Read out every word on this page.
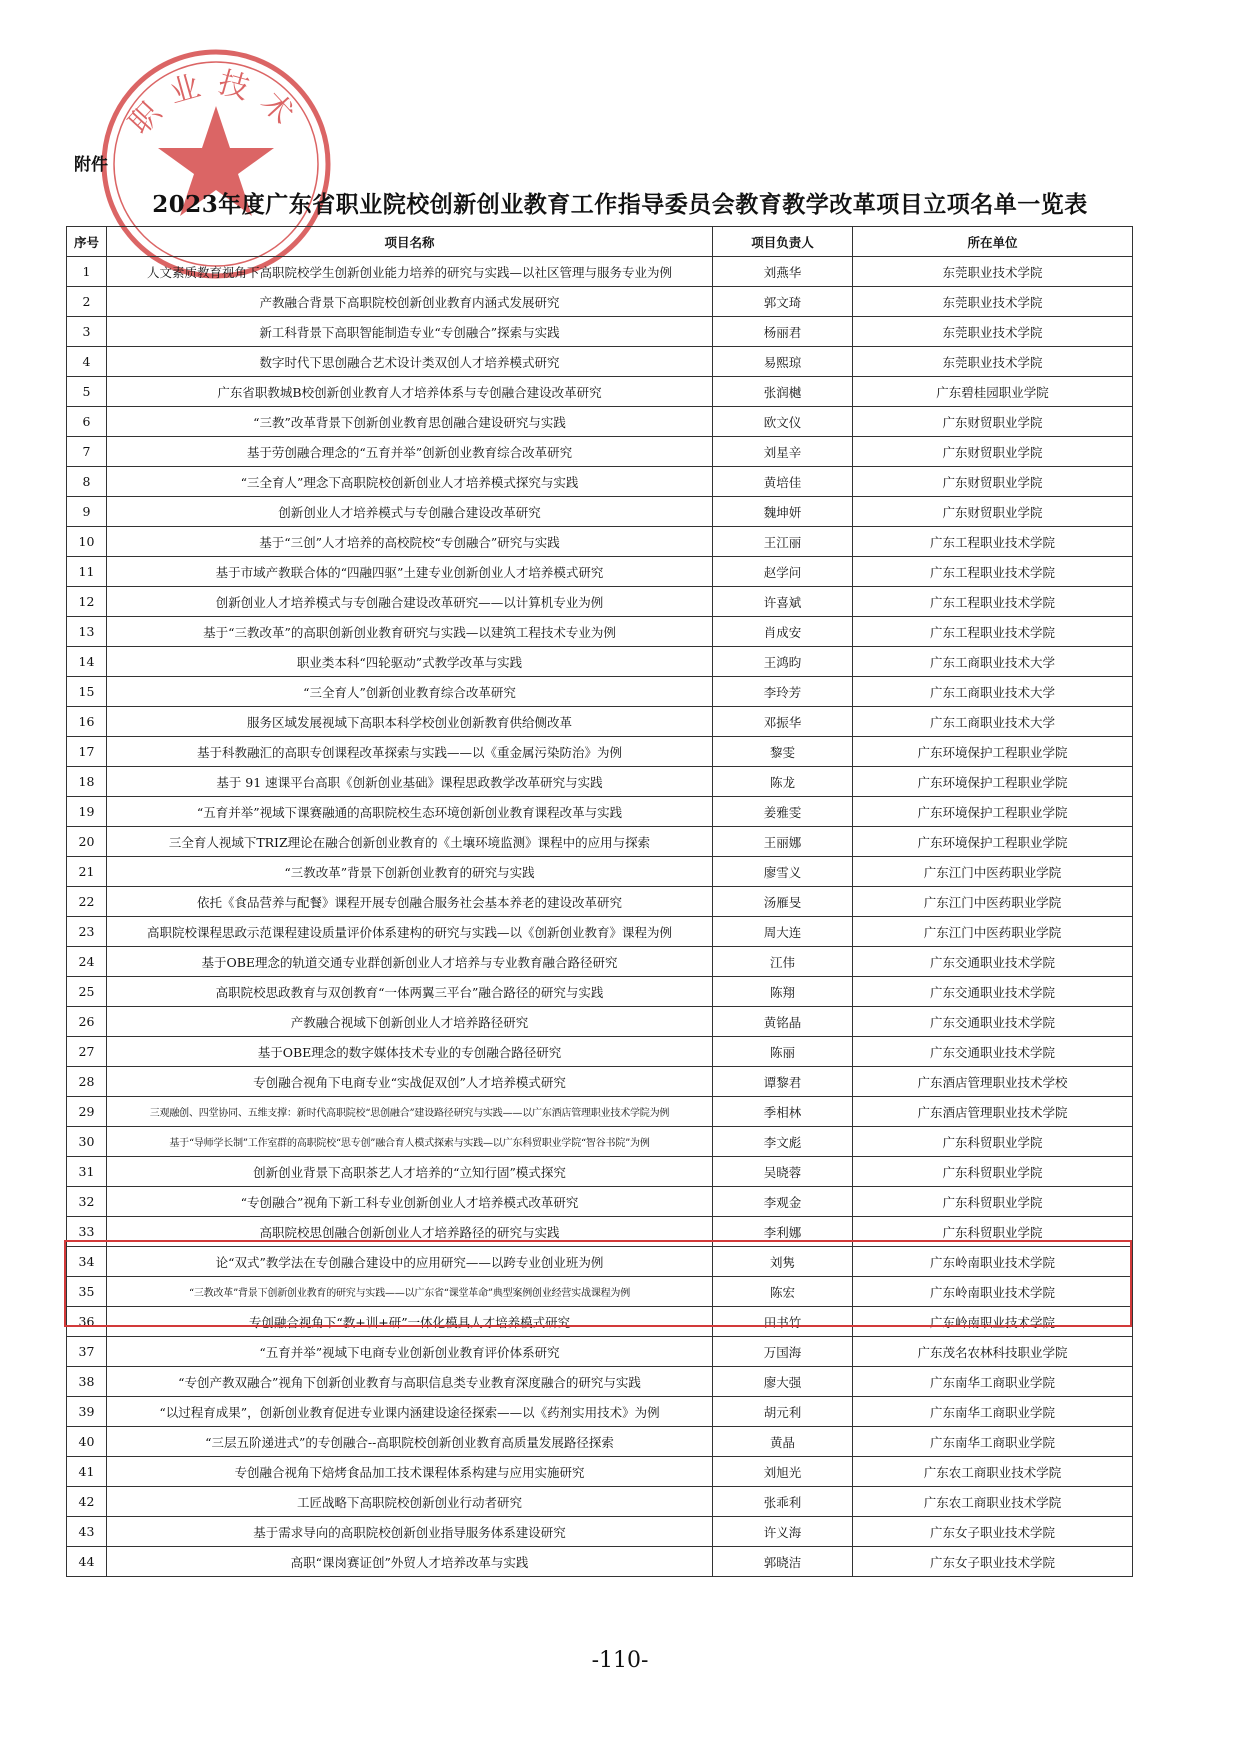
职业技术
附件
2023年度广东省职业院校创新创业教育工作指导委员会教育教学改革项目立项名单一览表
序号	项目名称	项目负责人	所在单位
1	人文素质教育视角下高职院校学生创新创业能力培养的研究与实践—以社区管理与服务专业为例	刘燕华	东莞职业技术学院
2	产教融合背景下高职院校创新创业教育内涵式发展研究	郭文琦	东莞职业技术学院
3	新工科背景下高职智能制造专业“专创融合”探索与实践	杨丽君	东莞职业技术学院
4	数字时代下思创融合艺术设计类双创人才培养模式研究	易熙琼	东莞职业技术学院
5	广东省职教城B校创新创业教育人才培养体系与专创融合建设改革研究	张润樾	广东碧桂园职业学院
6	“三教”改革背景下创新创业教育思创融合建设研究与实践	欧文仪	广东财贸职业学院
7	基于劳创融合理念的“五育并举”创新创业教育综合改革研究	刘星辛	广东财贸职业学院
8	“三全育人”理念下高职院校创新创业人才培养模式探究与实践	黄培佳	广东财贸职业学院
9	创新创业人才培养模式与专创融合建设改革研究	魏坤妍	广东财贸职业学院
10	基于“三创”人才培养的高校院校“专创融合”研究与实践	王江丽	广东工程职业技术学院
11	基于市域产教联合体的“四融四驱”土建专业创新创业人才培养模式研究	赵学问	广东工程职业技术学院
12	创新创业人才培养模式与专创融合建设改革研究——以计算机专业为例	许喜斌	广东工程职业技术学院
13	基于“三教改革”的高职创新创业教育研究与实践—以建筑工程技术专业为例	肖成安	广东工程职业技术学院
14	职业类本科“四轮驱动”式教学改革与实践	王鸿昀	广东工商职业技术大学
15	“三全育人”创新创业教育综合改革研究	李玲芳	广东工商职业技术大学
16	服务区域发展视域下高职本科学校创业创新教育供给侧改革	邓振华	广东工商职业技术大学
17	基于科教融汇的高职专创课程改革探索与实践——以《重金属污染防治》为例	黎雯	广东环境保护工程职业学院
18	基于 91 速课平台高职《创新创业基础》课程思政教学改革研究与实践	陈龙	广东环境保护工程职业学院
19	“五育并举”视域下课赛融通的高职院校生态环境创新创业教育课程改革与实践	姜雅雯	广东环境保护工程职业学院
20	三全育人视域下TRIZ理论在融合创新创业教育的《土壤环境监测》课程中的应用与探索	王丽娜	广东环境保护工程职业学院
21	“三教改革”背景下创新创业教育的研究与实践	廖雪义	广东江门中医药职业学院
22	依托《食品营养与配餐》课程开展专创融合服务社会基本养老的建设改革研究	汤雁旻	广东江门中医药职业学院
23	高职院校课程思政示范课程建设质量评价体系建构的研究与实践—以《创新创业教育》课程为例	周大连	广东江门中医药职业学院
24	基于OBE理念的轨道交通专业群创新创业人才培养与专业教育融合路径研究	江伟	广东交通职业技术学院
25	高职院校思政教育与双创教育“一体两翼三平台”融合路径的研究与实践	陈翔	广东交通职业技术学院
26	产教融合视域下创新创业人才培养路径研究	黄铭晶	广东交通职业技术学院
27	基于OBE理念的数字媒体技术专业的专创融合路径研究	陈丽	广东交通职业技术学院
28	专创融合视角下电商专业“实战促双创”人才培养模式研究	谭黎君	广东酒店管理职业技术学校
29	三观融创、四堂协同、五维支撑：新时代高职院校“思创融合”建设路径研究与实践——以广东酒店管理职业技术学院为例	季相林	广东酒店管理职业技术学院
30	基于“导师学长制”工作室群的高职院校“思专创”融合育人模式探索与实践—以广东科贸职业学院“智谷书院”为例	李文彪	广东科贸职业学院
31	创新创业背景下高职茶艺人才培养的“立知行固”模式探究	吴晓蓉	广东科贸职业学院
32	“专创融合”视角下新工科专业创新创业人才培养模式改革研究	李观金	广东科贸职业学院
33	高职院校思创融合创新创业人才培养路径的研究与实践	李利娜	广东科贸职业学院
34	论“双式”教学法在专创融合建设中的应用研究——以跨专业创业班为例	刘隽	广东岭南职业技术学院
35	“三教改革”背景下创新创业教育的研究与实践——以广东省“课堂革命”典型案例创业经营实战课程为例	陈宏	广东岭南职业技术学院
36	专创融合视角下“教+训+研”一体化模具人才培养模式研究	田书竹	广东岭南职业技术学院
37	“五育并举”视域下电商专业创新创业教育评价体系研究	万国海	广东茂名农林科技职业学院
38	“专创产教双融合”视角下创新创业教育与高职信息类专业教育深度融合的研究与实践	廖大强	广东南华工商职业学院
39	“以过程育成果”，创新创业教育促进专业课内涵建设途径探索——以《药剂实用技术》为例	胡元利	广东南华工商职业学院
40	“三层五阶递进式”的专创融合--高职院校创新创业教育高质量发展路径探索	黄晶	广东南华工商职业学院
41	专创融合视角下焙烤食品加工技术课程体系构建与应用实施研究	刘旭光	广东农工商职业技术学院
42	工匠战略下高职院校创新创业行动者研究	张乖利	广东农工商职业技术学院
43	基于需求导向的高职院校创新创业指导服务体系建设研究	许义海	广东女子职业技术学院
44	高职“课岗赛证创”外贸人才培养改革与实践	郭晓洁	广东女子职业技术学院
-110-
